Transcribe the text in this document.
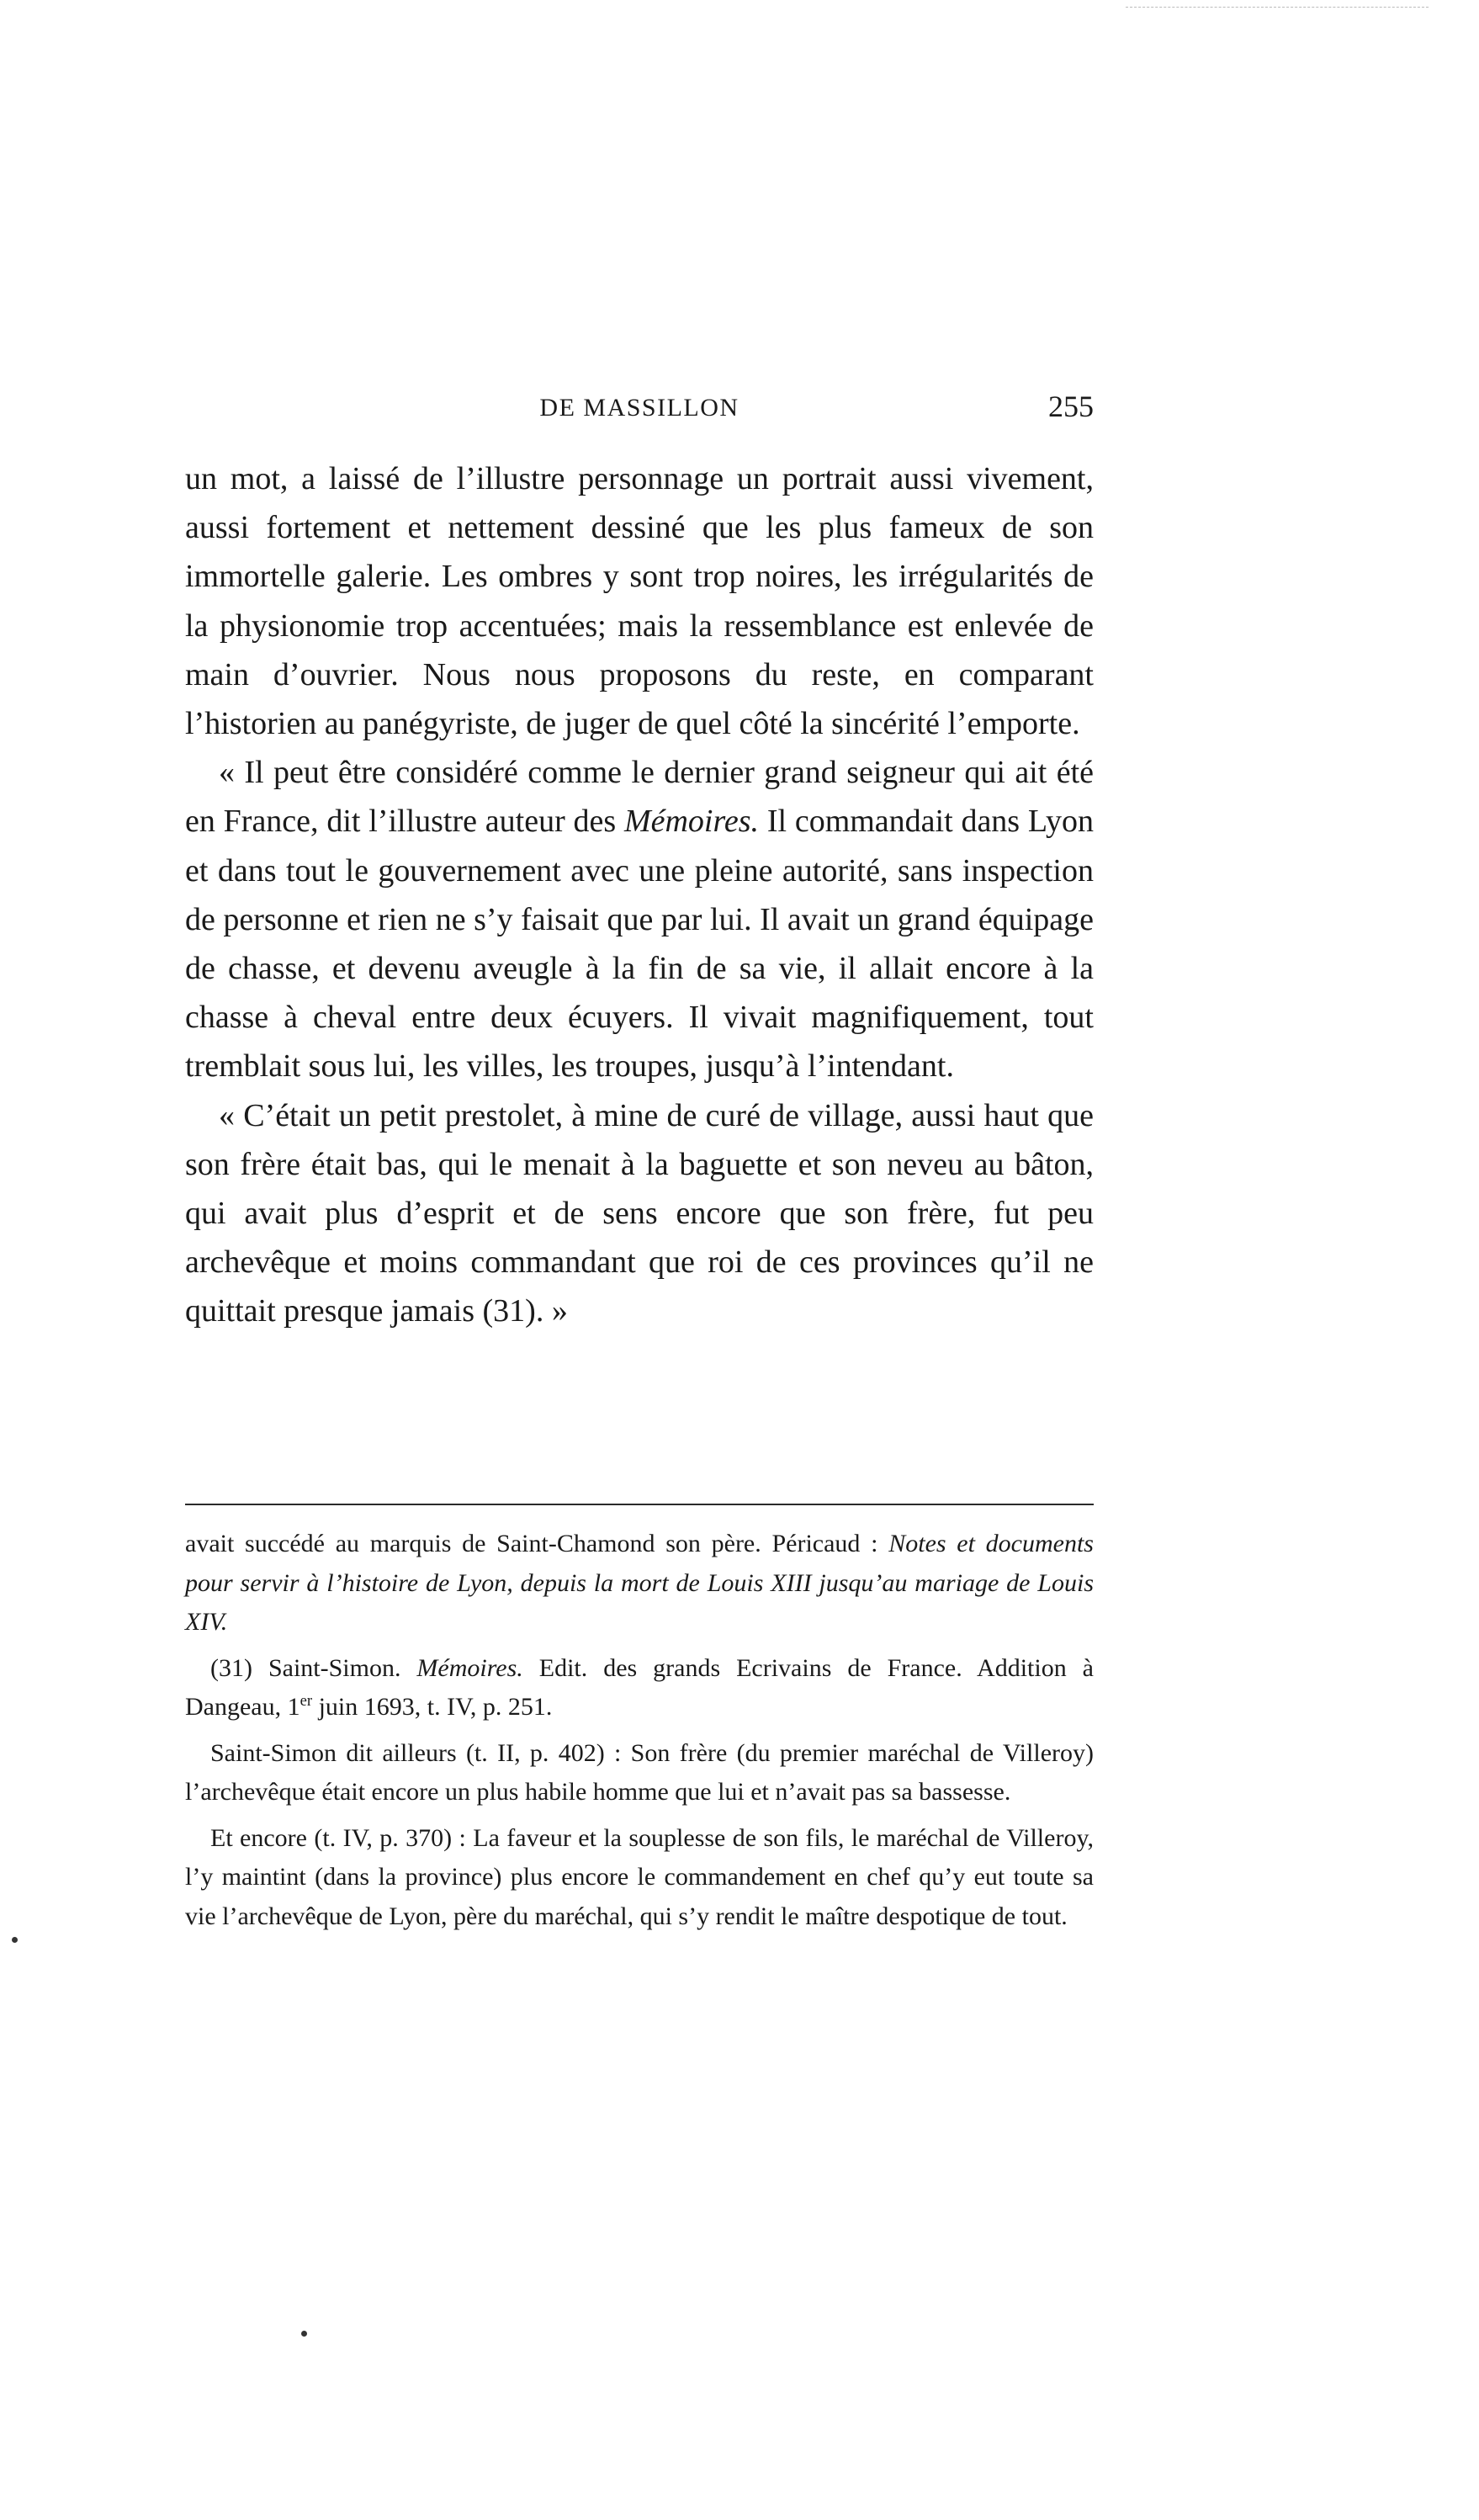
DE MASSILLON	255

un mot, a laissé de l’illustre personnage un portrait aussi vivement, aussi fortement et nettement dessiné que les plus fameux de son immortelle galerie. Les ombres y sont trop noires, les irrégularités de la physionomie trop accentuées; mais la ressemblance est enlevée de main d’ouvrier. Nous nous proposons du reste, en comparant l’historien au panégyriste, de juger de quel côté la sincérité l’emporte.

« Il peut être considéré comme le dernier grand seigneur qui ait été en France, dit l’illustre auteur des Mémoires. Il commandait dans Lyon et dans tout le gouvernement avec une pleine autorité, sans inspection de personne et rien ne s’y faisait que par lui. Il avait un grand équipage de chasse, et devenu aveugle à la fin de sa vie, il allait encore à la chasse à cheval entre deux écuyers. Il vivait magnifiquement, tout tremblait sous lui, les villes, les troupes, jusqu’à l’intendant.

« C’était un petit prestolet, à mine de curé de village, aussi haut que son frère était bas, qui le menait à la baguette et son neveu au bâton, qui avait plus d’esprit et de sens encore que son frère, fut peu archevêque et moins commandant que roi de ces provinces qu’il ne quittait presque jamais (31). »

avait succédé au marquis de Saint-Chamond son père. Péricaud : Notes et documents pour servir à l’histoire de Lyon, depuis la mort de Louis XIII jusqu’au mariage de Louis XIV.

(31) Saint-Simon. Mémoires. Edit. des grands Ecrivains de France. Addition à Dangeau, 1er juin 1693, t. IV, p. 251.

Saint-Simon dit ailleurs (t. II, p. 402) : Son frère (du premier maréchal de Villeroy) l’archevêque était encore un plus habile homme que lui et n’avait pas sa bassesse.

Et encore (t. IV, p. 370) : La faveur et la souplesse de son fils, le maréchal de Villeroy, l’y maintint (dans la province) plus encore le commandement en chef qu’y eut toute sa vie l’archevêque de Lyon, père du maréchal, qui s’y rendit le maître despotique de tout.
